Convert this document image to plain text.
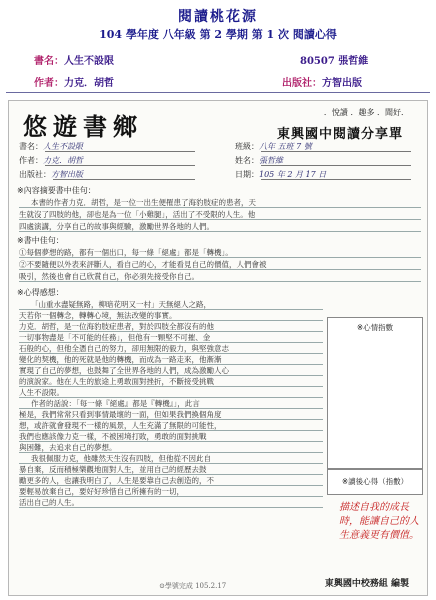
閱讀桃花源
104 學年度 八年級 第 2 學期 第 1 次 閱讀心得
書名：人生不設限	80507 張哲維
作者：力克．胡哲	出版社：方智出版
悠遊書鄉
．悅讀 ．趣多 ．聞好．
東興國中閱讀分享單
書名：人生不設限
作者：力克．胡哲
出版社：方智出版
班級：八年 五班 7 號
姓名：張哲維
日期：105 年 2 月 17 日
※內容摘要書中佳句：
本書的作者力克．胡哲，是一位一出生便罹患了海豹肢症的患者，天
生就沒了四肢的他，卻也是為一位「小雞腿」，活出了不受限的人生。他
四處演講，分享自己的故事與經驗，激勵世界各地的人們。
※書中佳句：
①每個夢想的路，都有一個出口，每一條「絕處」都是「轉機」。
②不要隨便以外表來評斷人，看自己的心，才能看見自己的價值，人們會被
吸引，然後也會自己欣賞自己，你必須先接受你自己。
※心得感想：
※心情指數
※讀後心得（指數）
描述自我的成長時，能讓自己的人生意義更有價值。
⊙學號完成 105.2.17	東興國中校務組 編製
「山重水盡疑無路，柳暗花明又一村」天無絕人之路，
天若你一個轉念，轉轉心境，無法改變的事實。
力克．胡哲，是一位海豹肢症患者，對於四肢全都沒有的他
一切事物盡是「不可能的任務」，但他有一顆堅不可摧、金
石般的心，但他全憑自己的努力，卻用無限的毅力，與堅強意志
變化的契機，他的死就是他的轉機，而成為一路走來，他漸漸
實現了自己的夢想，也鼓舞了全世界各地的人們，成為激勵人心
的演說家。他在人生的旅途上勇敢面對挫折，不斷接受挑戰
人生不設限。
作者的話說：「每一條『絕處』都是『轉機』」，此言
極是，我們常常只看到事情最壞的一面，但如果我們換個角度
想，或許就會發現不一樣的風景，人生充滿了無限的可能性，
我們也應該像力克一樣，不被困境打敗，勇敢的面對挑戰
與困難，去追求自己的夢想。
我很佩服力克，他雖然天生沒有四肢，但他從不因此自
暴自棄，反而積極樂觀地面對人生，並用自己的經歷去鼓
勵更多的人，也讓我明白了，人生是要靠自己去創造的，不
要輕易放棄自己，要好好珍惜自己所擁有的一切，
活出自己的人生。
